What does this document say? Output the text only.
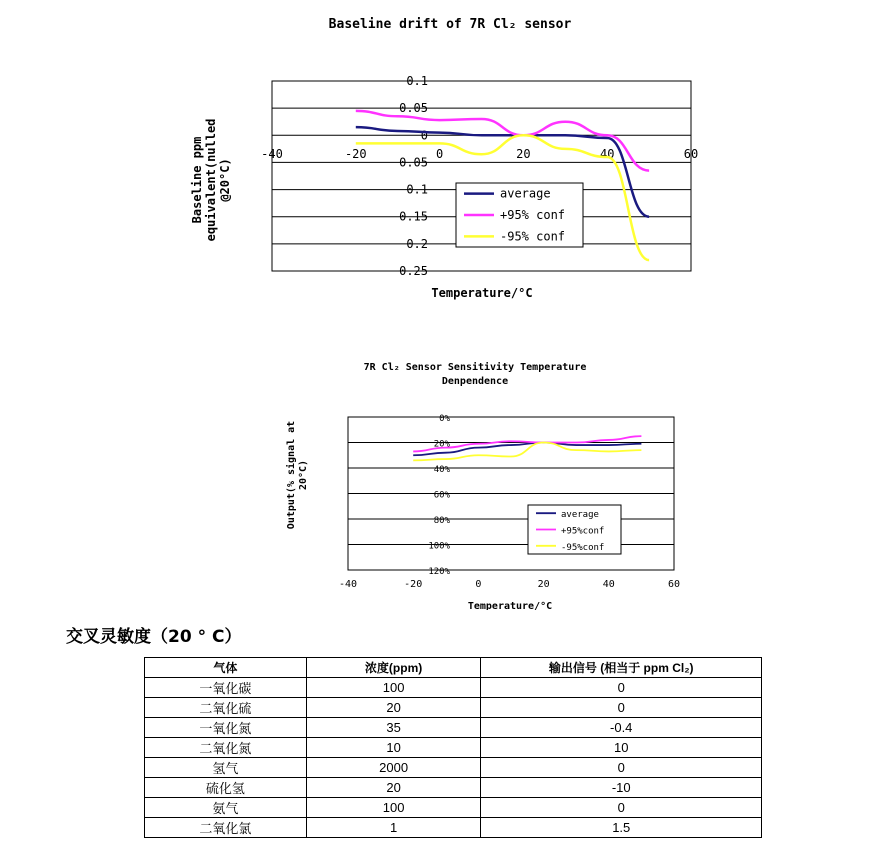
Baseline drift of 7R Cl₂ sensor
0.1
0.05
0
0.05
0.1
0.15
0.2
0.25
-40	-20	0	20	40	60
Temperature/°C
Baseline ppmequivalent(nulled@20°C)	average
+95% conf
-95% conf
7R Cl₂ Sensor Sensitivity Temperature Denpendence
0%
20%
40%
60%
80%
100%
120%
-40	-20	0	20	40	60
Temperature/°C
Output(% signal at20°C)
average
+95%conf
-95%conf
交叉灵敏度（20 ° C）
气体	浓度(ppm)	输出信号 (相当于 ppm Cl₂)
一氧化碳	100	0
二氧化硫	20	0
一氧化氮	35	-0.4
二氧化氮	10	10
氢气	2000	0
硫化氢	20	-10
氨气	100	0
二氧化氯	1	1.5
